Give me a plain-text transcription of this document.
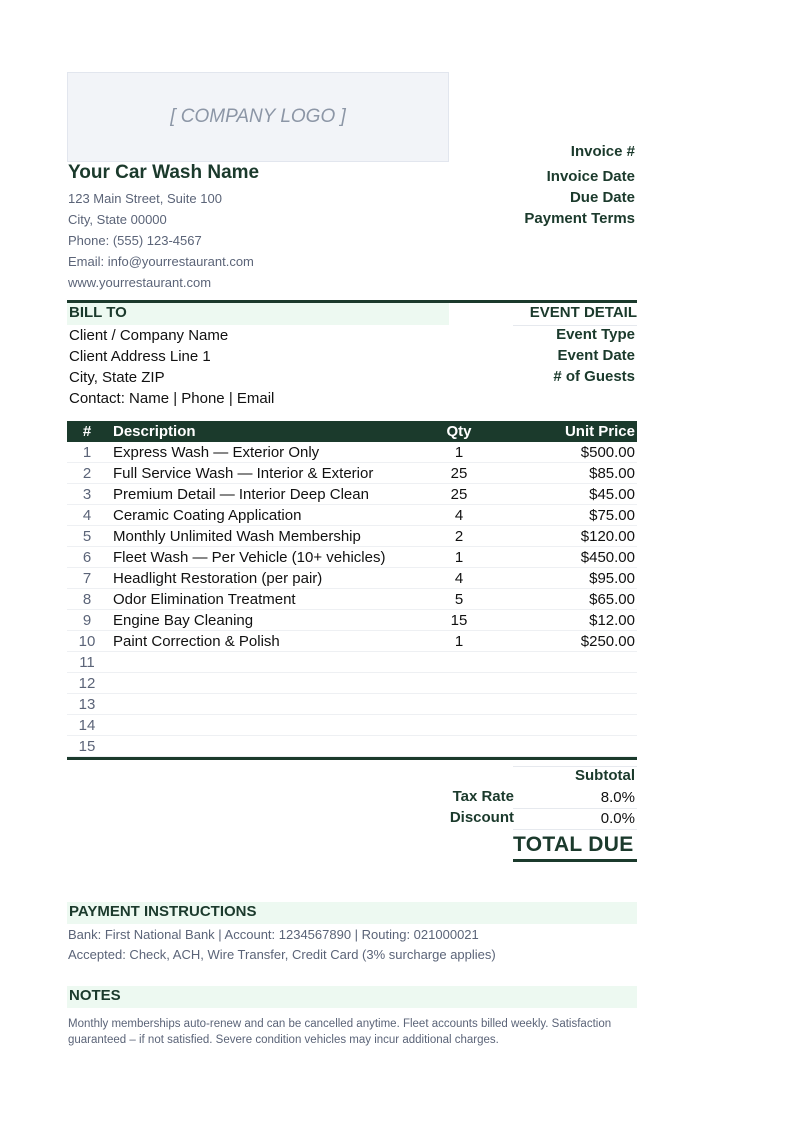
[ COMPANY LOGO ]
Your Car Wash Name
123 Main Street, Suite 100
City, State 00000
Phone: (555) 123-4567
Email: info@yourrestaurant.com
www.yourrestaurant.com
Invoice #
Invoice Date
Due Date
Payment Terms
BILL TO	EVENT DETAIL
Client / Company Name
Client Address Line 1
City, State ZIP
Contact: Name | Phone | Email
Event Type
Event Date
# of Guests
#	Description	Qty	Unit Price
1	Express Wash — Exterior Only	1	$500.00
2	Full Service Wash — Interior & Exterior	25	$85.00
3	Premium Detail — Interior Deep Clean	25	$45.00
4	Ceramic Coating Application	4	$75.00
5	Monthly Unlimited Wash Membership	2	$120.00
6	Fleet Wash — Per Vehicle (10+ vehicles)	1	$450.00
7	Headlight Restoration (per pair)	4	$95.00
8	Odor Elimination Treatment	5	$65.00
9	Engine Bay Cleaning	15	$12.00
10	Paint Correction & Polish	1	$250.00
11			
12			
13			
14			
15			
Subtotal
Tax Rate	8.0%
Discount	0.0%
TOTAL DUE
PAYMENT INSTRUCTIONS
Bank: First National Bank | Account: 1234567890 | Routing: 021000021
Accepted: Check, ACH, Wire Transfer, Credit Card (3% surcharge applies)
NOTES
Monthly memberships auto-renew and can be cancelled anytime. Fleet accounts billed weekly. Satisfaction guaranteed – if not satisfied. Severe condition vehicles may incur additional charges.
